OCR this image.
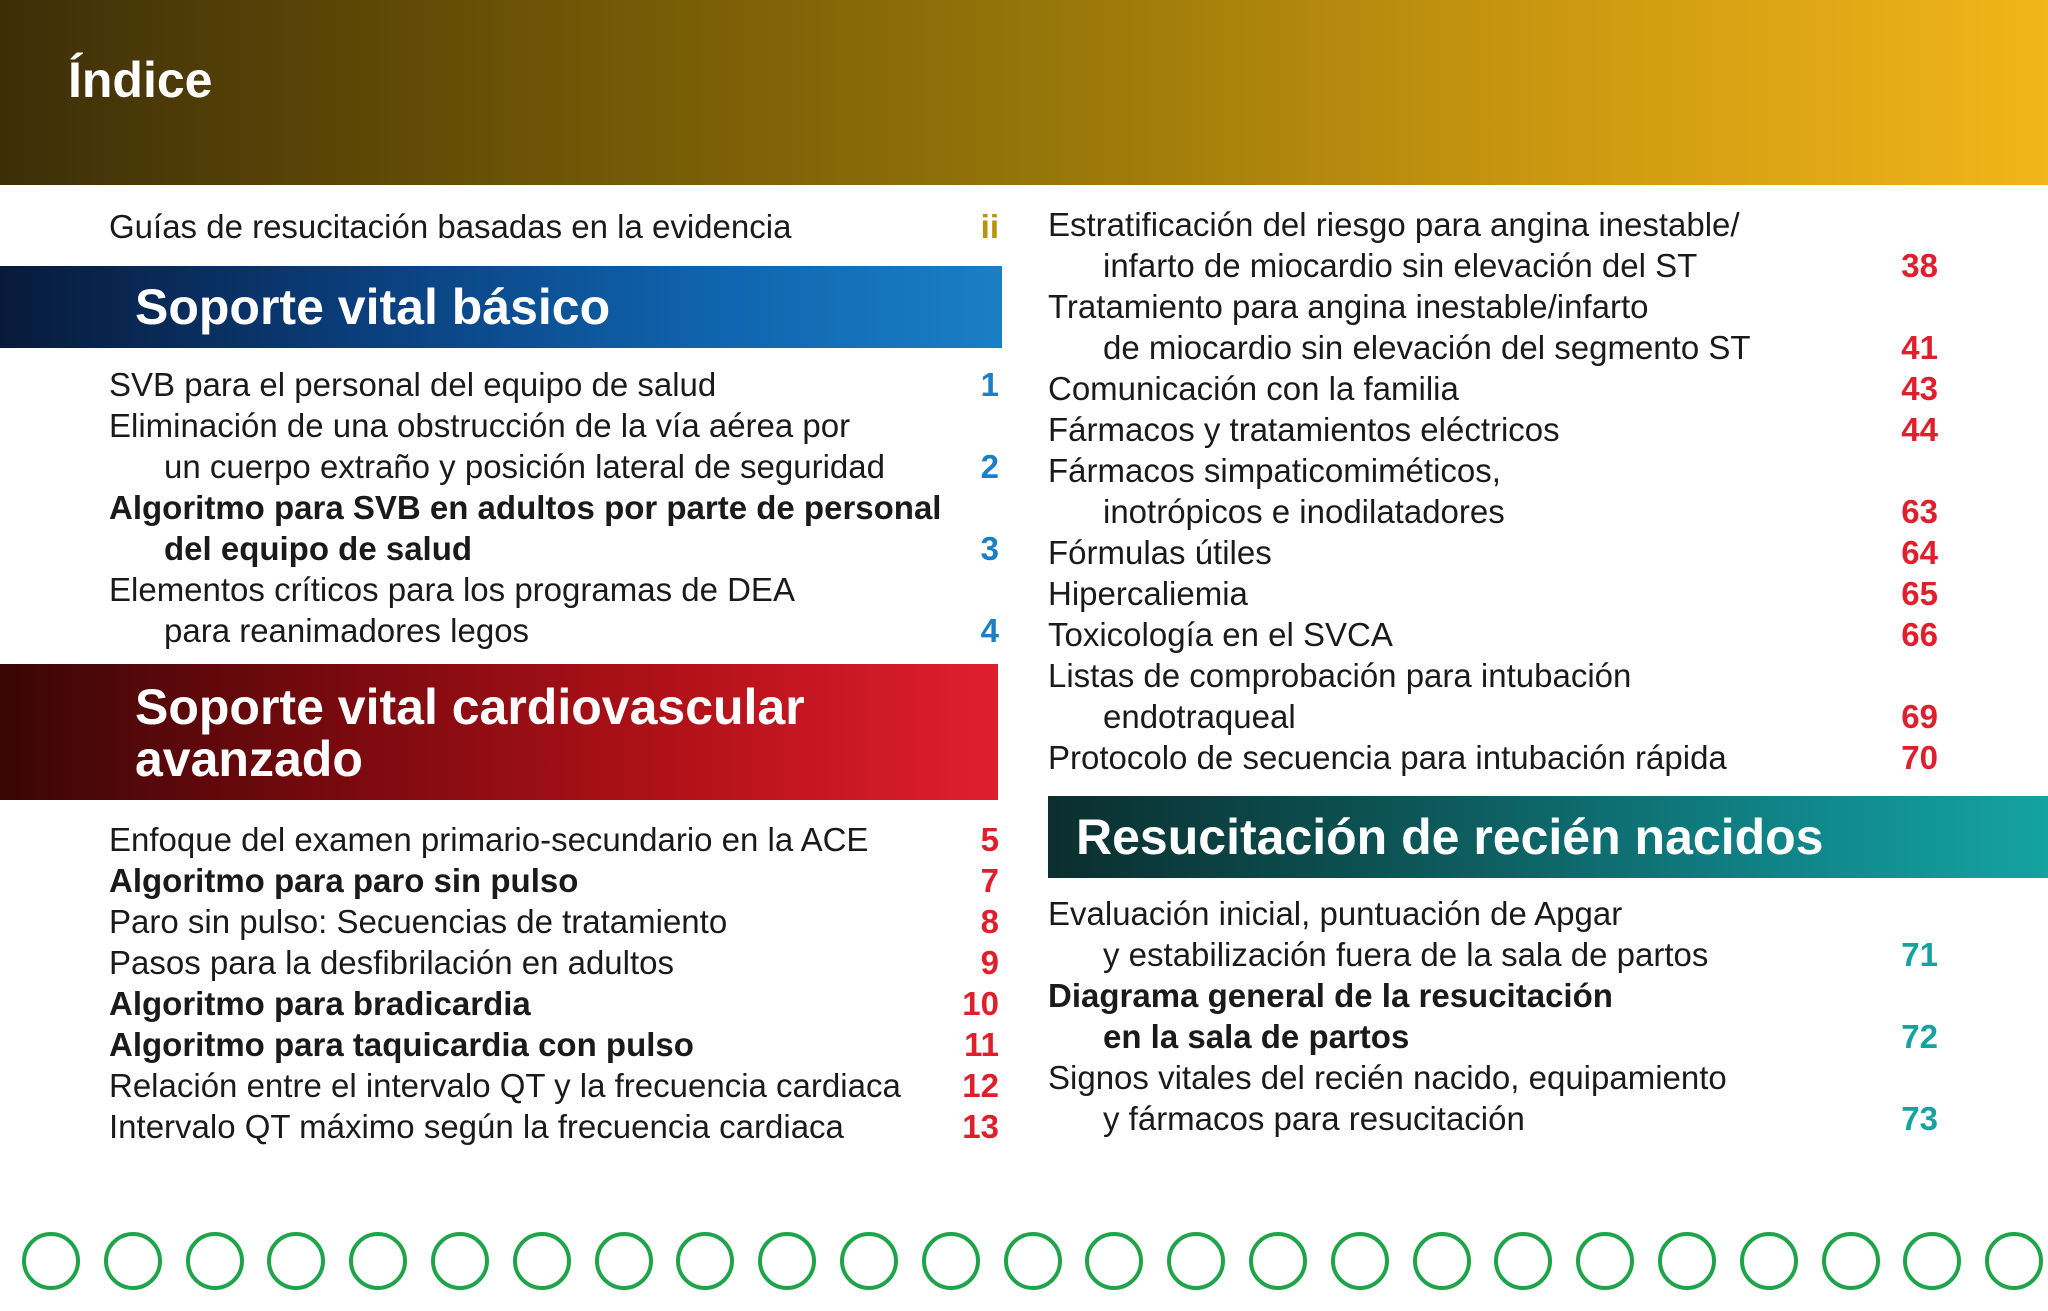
Índice
Guías de resucitación basadas en la evidencia	ii
Soporte vital básico
SVB para el personal del equipo de salud	1
Eliminación de una obstrucción de la vía aérea por
un cuerpo extraño y posición lateral de seguridad	2
Algoritmo para SVB en adultos por parte de personal
del equipo de salud	3
Elementos críticos para los programas de DEA
para reanimadores legos	4
Soporte vital cardiovascular
avanzado
Enfoque del examen primario-secundario en la ACE	5
Algoritmo para paro sin pulso	7
Paro sin pulso: Secuencias de tratamiento	8
Pasos para la desfibrilación en adultos	9
Algoritmo para bradicardia	10
Algoritmo para taquicardia con pulso	11
Relación entre el intervalo QT y la frecuencia cardiaca	12
Intervalo QT máximo según la frecuencia cardiaca	13
Estratificación del riesgo para angina inestable/
infarto de miocardio sin elevación del ST	38
Tratamiento para angina inestable/infarto
de miocardio sin elevación del segmento ST	41
Comunicación con la familia	43
Fármacos y tratamientos eléctricos	44
Fármacos simpaticomiméticos,
inotrópicos e inodilatadores	63
Fórmulas útiles	64
Hipercaliemia	65
Toxicología en el SVCA	66
Listas de comprobación para intubación
endotraqueal	69
Protocolo de secuencia para intubación rápida	70
Resucitación de recién nacidos
Evaluación inicial, puntuación de Apgar
y estabilización fuera de la sala de partos	71
Diagrama general de la resucitación
en la sala de partos	72
Signos vitales del recién nacido, equipamiento
y fármacos para resucitación	73
